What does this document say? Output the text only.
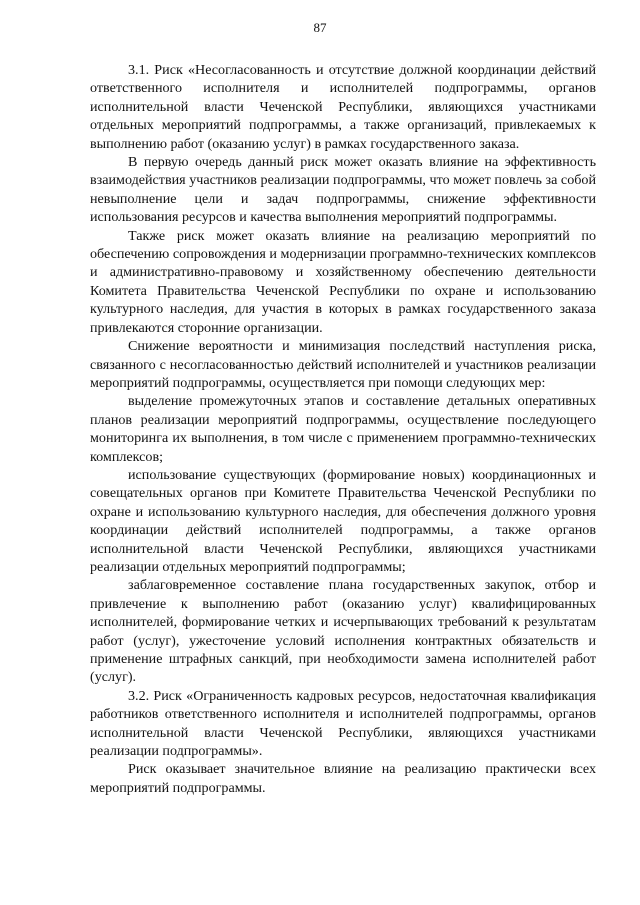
87

3.1. Риск «Несогласованность и отсутствие должной координации действий ответственного исполнителя и исполнителей подпрограммы, органов исполнительной власти Чеченской Республики, являющихся участниками отдельных мероприятий подпрограммы, а также организаций, привлекаемых к выполнению работ (оказанию услуг) в рамках государственного заказа.

В первую очередь данный риск может оказать влияние на эффективность взаимодействия участников реализации подпрограммы, что может повлечь за собой невыполнение цели и задач подпрограммы, снижение эффективности использования ресурсов и качества выполнения мероприятий подпрограммы.

Также риск может оказать влияние на реализацию мероприятий по обеспечению сопровождения и модернизации программно-технических комплексов и административно-правовому и хозяйственному обеспечению деятельности Комитета Правительства Чеченской Республики по охране и использованию культурного наследия, для участия в которых в рамках государственного заказа привлекаются сторонние организации.

Снижение вероятности и минимизация последствий наступления риска, связанного с несогласованностью действий исполнителей и участников реализации мероприятий подпрограммы, осуществляется при помощи следующих мер:

выделение промежуточных этапов и составление детальных оперативных планов реализации мероприятий подпрограммы, осуществление последующего мониторинга их выполнения, в том числе с применением программно-технических комплексов;

использование существующих (формирование новых) координационных и совещательных органов при Комитете Правительства Чеченской Республики по охране и использованию культурного наследия, для обеспечения должного уровня координации действий исполнителей подпрограммы, а также органов исполнительной власти Чеченской Республики, являющихся участниками реализации отдельных мероприятий подпрограммы;

заблаговременное составление плана государственных закупок, отбор и привлечение к выполнению работ (оказанию услуг) квалифицированных исполнителей, формирование четких и исчерпывающих требований к результатам работ (услуг), ужесточение условий исполнения контрактных обязательств и применение штрафных санкций, при необходимости замена исполнителей работ (услуг).

3.2. Риск «Ограниченность кадровых ресурсов, недостаточная квалификация работников ответственного исполнителя и исполнителей подпрограммы, органов исполнительной власти Чеченской Республики, являющихся участниками реализации подпрограммы».

Риск оказывает значительное влияние на реализацию практически всех мероприятий подпрограммы.
